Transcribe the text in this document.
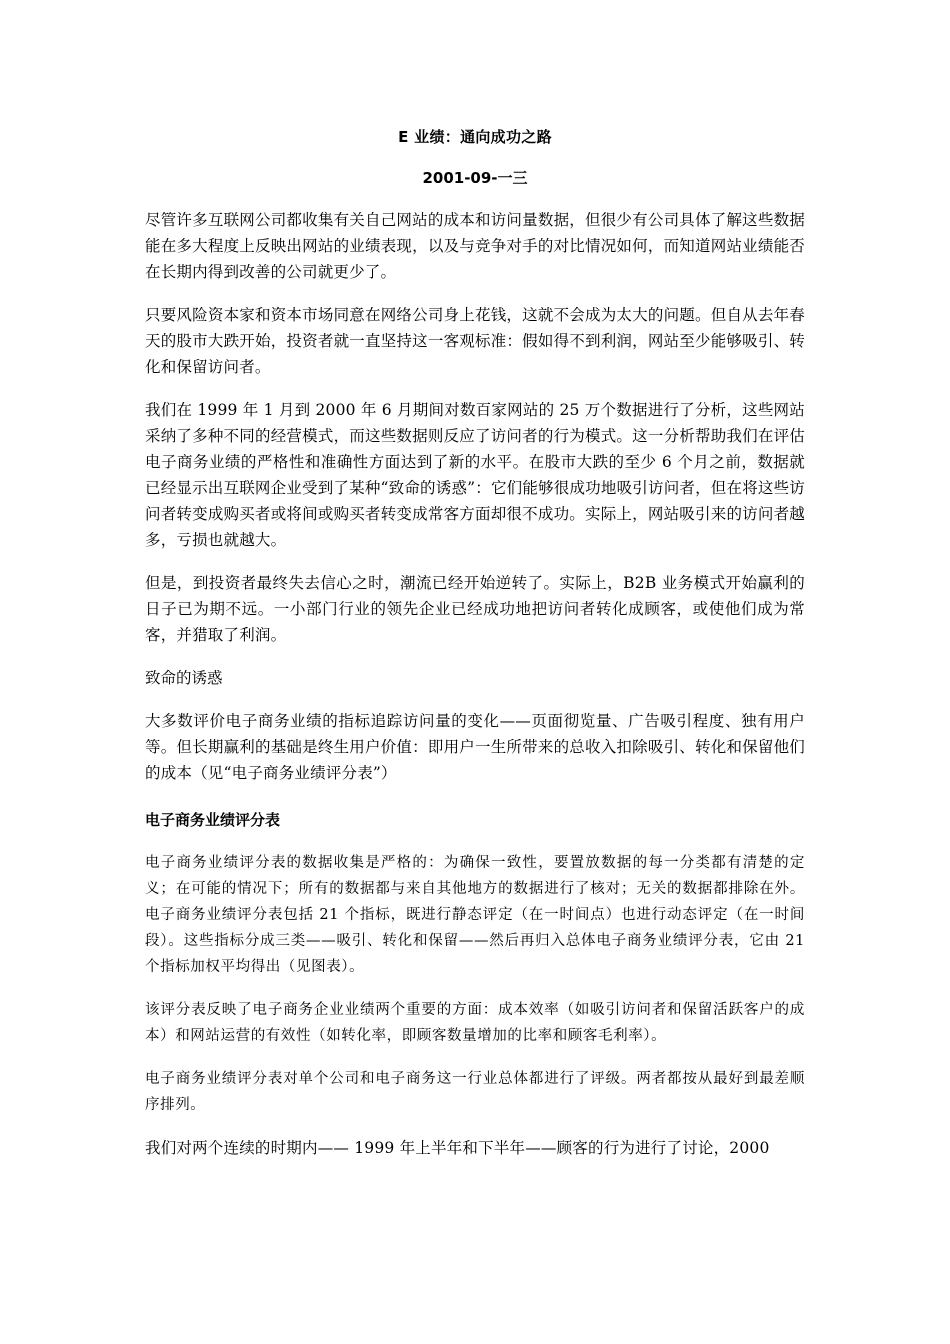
E 业绩：通向成功之路
2001-09-一三

尽管许多互联网公司都收集有关自己网站的成本和访问量数据，但很少有公司具体了解这些数据能在多大程度上反映出网站的业绩表现，以及与竞争对手的对比情况如何，而知道网站业绩能否在长期内得到改善的公司就更少了。

只要风险资本家和资本市场同意在网络公司身上花钱，这就不会成为太大的问题。但自从去年春天的股市大跌开始，投资者就一直坚持这一客观标准：假如得不到利润，网站至少能够吸引、转化和保留访问者。

我们在 1999 年 1 月到 2000 年 6 月期间对数百家网站的 25 万个数据进行了分析，这些网站采纳了多种不同的经营模式，而这些数据则反应了访问者的行为模式。这一分析帮助我们在评估电子商务业绩的严格性和准确性方面达到了新的水平。在股市大跌的至少 6 个月之前，数据就已经显示出互联网企业受到了某种“致命的诱惑”：它们能够很成功地吸引访问者，但在将这些访问者转变成购买者或将间或购买者转变成常客方面却很不成功。实际上，网站吸引来的访问者越多，亏损也就越大。

但是，到投资者最终失去信心之时，潮流已经开始逆转了。实际上，B2B 业务模式开始赢利的日子已为期不远。一小部门行业的领先企业已经成功地把访问者转化成顾客，或使他们成为常客，并猎取了利润。

致命的诱惑

大多数评价电子商务业绩的指标追踪访问量的变化——页面彻览量、广告吸引程度、独有用户等。但长期赢利的基础是终生用户价值：即用户一生所带来的总收入扣除吸引、转化和保留他们的成本（见“电子商务业绩评分表”）

电子商务业绩评分表

电子商务业绩评分表的数据收集是严格的：为确保一致性，要置放数据的每一分类都有清楚的定义；在可能的情况下；所有的数据都与来自其他地方的数据进行了核对；无关的数据都排除在外。电子商务业绩评分表包括 21 个指标，既进行静态评定（在一时间点）也进行动态评定（在一时间段）。这些指标分成三类——吸引、转化和保留——然后再归入总体电子商务业绩评分表，它由 21 个指标加权平均得出（见图表）。

该评分表反映了电子商务企业业绩两个重要的方面：成本效率（如吸引访问者和保留活跃客户的成本）和网站运营的有效性（如转化率，即顾客数量增加的比率和顾客毛利率）。

电子商务业绩评分表对单个公司和电子商务这一行业总体都进行了评级。两者都按从最好到最差顺序排列。

我们对两个连续的时期内—— 1999 年上半年和下半年——顾客的行为进行了讨论，2000
